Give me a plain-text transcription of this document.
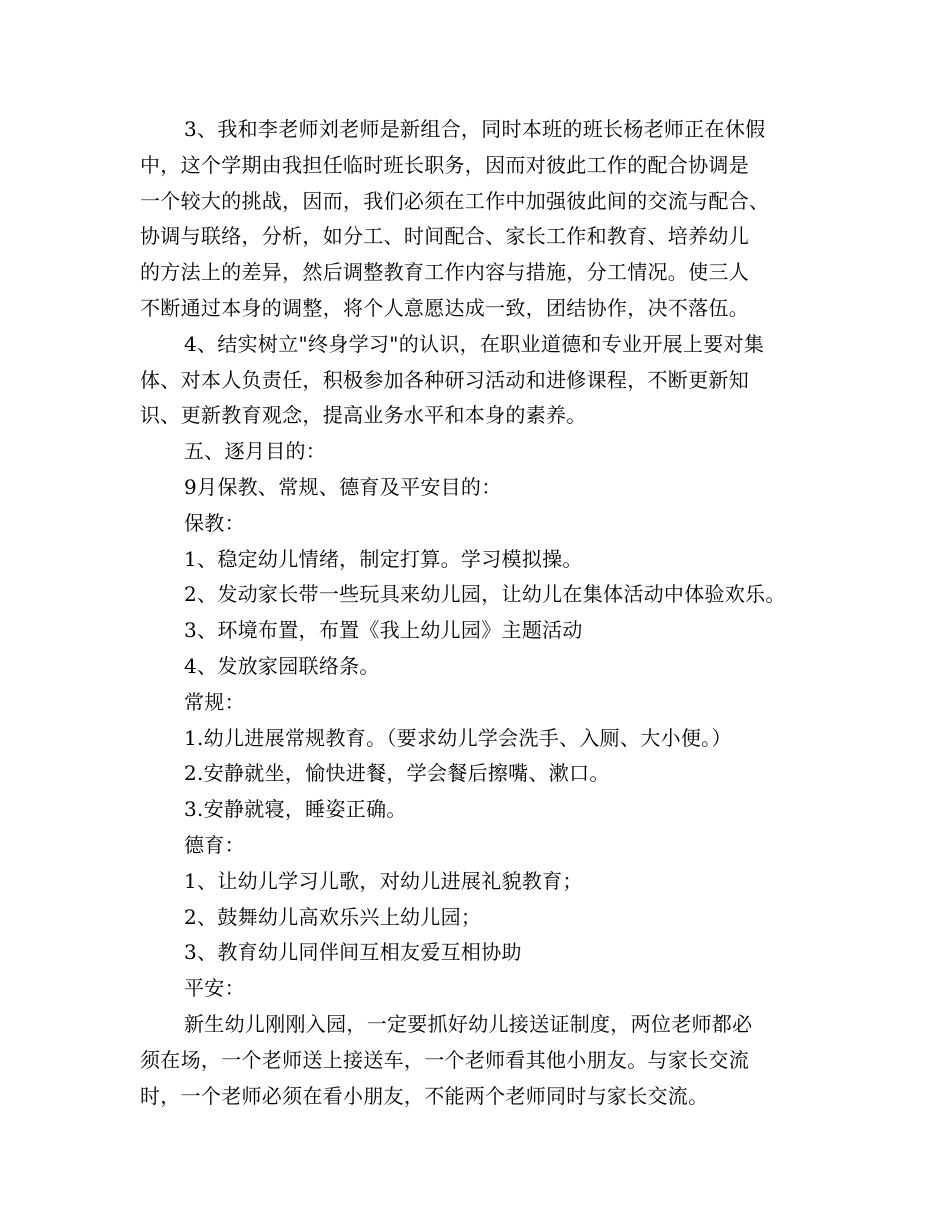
3、我和李老师刘老师是新组合，同时本班的班长杨老师正在休假
中，这个学期由我担任临时班长职务，因而对彼此工作的配合协调是
一个较大的挑战，因而，我们必须在工作中加强彼此间的交流与配合、
协调与联络，分析，如分工、时间配合、家长工作和教育、培养幼儿
的方法上的差异，然后调整教育工作内容与措施，分工情况。使三人
不断通过本身的调整，将个人意愿达成一致，团结协作，决不落伍。
4、结实树立"终身学习"的认识，在职业道德和专业开展上要对集
体、对本人负责任，积极参加各种研习活动和进修课程，不断更新知
识、更新教育观念，提高业务水平和本身的素养。
五、逐月目的：
9月保教、常规、德育及平安目的：
保教：
1、稳定幼儿情绪，制定打算。学习模拟操。
2、发动家长带一些玩具来幼儿园，让幼儿在集体活动中体验欢乐。
3、环境布置，布置《我上幼儿园》主题活动
4、发放家园联络条。
常规：
1.幼儿进展常规教育。（要求幼儿学会洗手、入厕、大小便。）
2.安静就坐，愉快进餐，学会餐后擦嘴、漱口。
3.安静就寝，睡姿正确。
德育：
1、让幼儿学习儿歌，对幼儿进展礼貌教育；
2、鼓舞幼儿高欢乐兴上幼儿园；
3、教育幼儿同伴间互相友爱互相协助
平安：
新生幼儿刚刚入园，一定要抓好幼儿接送证制度，两位老师都必
须在场，一个老师送上接送车，一个老师看其他小朋友。与家长交流
时，一个老师必须在看小朋友，不能两个老师同时与家长交流。
